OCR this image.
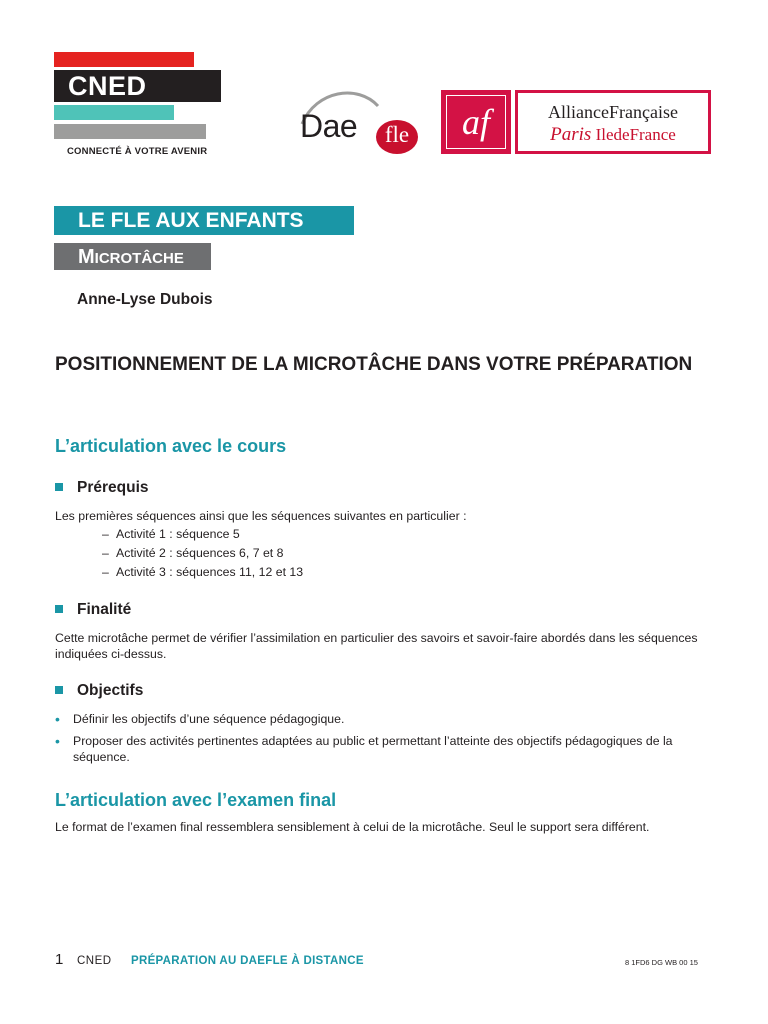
CNED
CONNECTÉ À VOTRE AVENIR
Dae	fle	af	AllianceFrançaise
Paris IledeFrance
LE FLE AUX ENFANTS
MICROTÂCHE
Anne-Lyse Dubois
POSITIONNEMENT DE LA MICROTÂCHE DANS VOTRE PRÉPARATION
L’articulation avec le cours
Prérequis
Les premières séquences ainsi que les séquences suivantes en particulier :
– Activité 1 : séquence 5
– Activité 2 : séquences 6, 7 et 8
– Activité 3 : séquences 11, 12 et 13
Finalité
Cette microtâche permet de vérifier l’assimilation en particulier des savoirs et savoir-faire abordés dans les séquences indiquées ci-dessus.
Objectifs
•	Définir les objectifs d’une séquence pédagogique.
•	Proposer des activités pertinentes adaptées au public et permettant l’atteinte des objectifs pédagogiques de la séquence.
L’articulation avec l’examen final
Le format de l’examen final ressemblera sensiblement à celui de la microtâche. Seul le support sera différent.
1 CNED PRÉPARATION AU DAEFLE À DISTANCE	8 1FD6 DG WB 00 15
